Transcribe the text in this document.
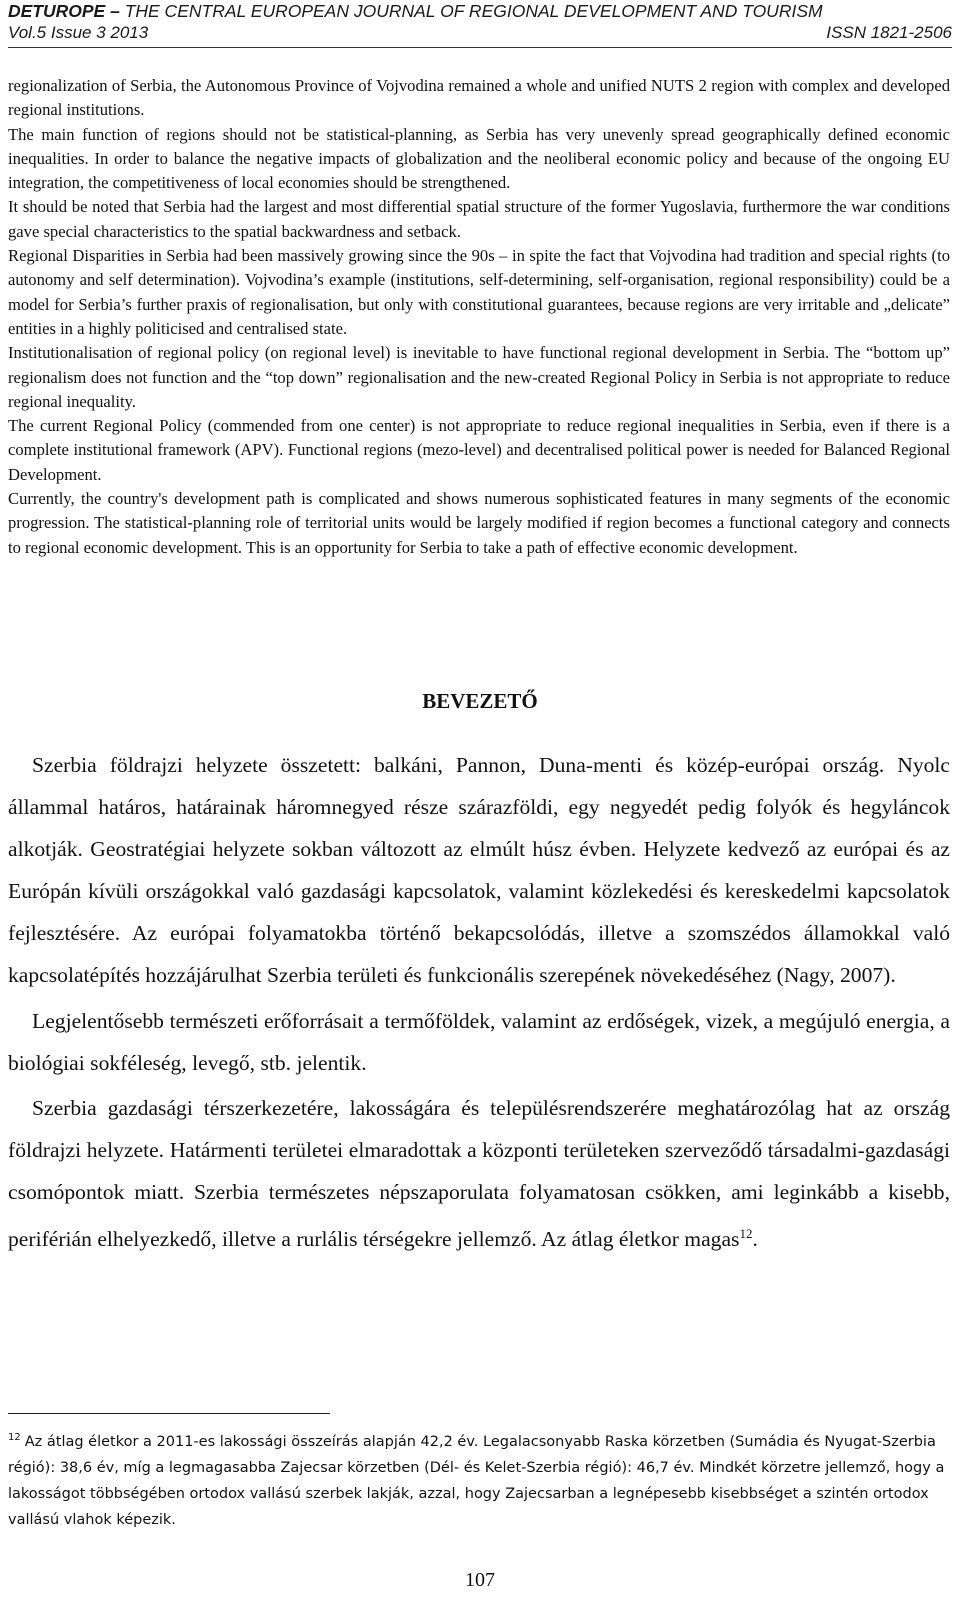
DETUROPE – THE CENTRAL EUROPEAN JOURNAL OF REGIONAL DEVELOPMENT AND TOURISM
Vol.5 Issue 3 2013	ISSN 1821-2506

regionalization of Serbia, the Autonomous Province of Vojvodina remained a whole and unified NUTS 2 region with complex and developed regional institutions.

The main function of regions should not be statistical-planning, as Serbia has very unevenly spread geographically defined economic inequalities. In order to balance the negative impacts of globalization and the neoliberal economic policy and because of the ongoing EU integration, the competitiveness of local economies should be strengthened.

It should be noted that Serbia had the largest and most differential spatial structure of the former Yugoslavia, furthermore the war conditions gave special characteristics to the spatial backwardness and setback.

Regional Disparities in Serbia had been massively growing since the 90s – in spite the fact that Vojvodina had tradition and special rights (to autonomy and self determination). Vojvodina’s example (institutions, self-determining, self-organisation, regional responsibility) could be a model for Serbia’s further praxis of regionalisation, but only with constitutional guarantees, because regions are very irritable and „delicate” entities in a highly politicised and centralised state.

Institutionalisation of regional policy (on regional level) is inevitable to have functional regional development in Serbia. The “bottom up” regionalism does not function and the “top down” regionalisation and the new-created Regional Policy in Serbia is not appropriate to reduce regional inequality.

The current Regional Policy (commended from one center) is not appropriate to reduce regional inequalities in Serbia, even if there is a complete institutional framework (APV). Functional regions (mezo-level) and decentralised political power is needed for Balanced Regional Development.

Currently, the country's development path is complicated and shows numerous sophisticated features in many segments of the economic progression. The statistical-planning role of territorial units would be largely modified if region becomes a functional category and connects to regional economic development. This is an opportunity for Serbia to take a path of effective economic development.

BEVEZETŐ

Szerbia földrajzi helyzete összetett: balkáni, Pannon, Duna-menti és közép-európai ország. Nyolc állammal határos, határainak háromnegyed része szárazföldi, egy negyedét pedig folyók és hegyláncok alkotják. Geostratégiai helyzete sokban változott az elmúlt húsz évben. Helyzete kedvező az európai és az Európán kívüli országokkal való gazdasági kapcsolatok, valamint közlekedési és kereskedelmi kapcsolatok fejlesztésére. Az európai folyamatokba történő bekapcsolódás, illetve a szomszédos államokkal való kapcsolatépítés hozzájárulhat Szerbia területi és funkcionális szerepének növekedéséhez (Nagy, 2007).

Legjelentősebb természeti erőforrásait a termőföldek, valamint az erdőségek, vizek, a megújuló energia, a biológiai sokféleség, levegő, stb. jelentik.

Szerbia gazdasági térszerkezetére, lakosságára és településrendszerére meghatározólag hat az ország földrajzi helyzete. Határmenti területei elmaradottak a központi területeken szerveződő társadalmi-gazdasági csomópontok miatt. Szerbia természetes népszaporulata folyamatosan csökken, ami leginkább a kisebb, periférián elhelyezkedő, illetve a rurlális térségekre jellemző. Az átlag életkor magas$^{12}$.

$^{12}$ Az átlag életkor a 2011-es lakossági összeírás alapján 42,2 év. Legalacsonyabb Raska körzetben (Sumádia és Nyugat-Szerbia régió): 38,6 év, míg a legmagasabba Zajecsar körzetben (Dél- és Kelet-Szerbia régió): 46,7 év. Mindkét körzetre jellemző, hogy a lakosságot többségében ortodox vallású szerbek lakják, azzal, hogy Zajecsarban a legnépesebb kisebbséget a szintén ortodox vallású vlahok képezik.
107
